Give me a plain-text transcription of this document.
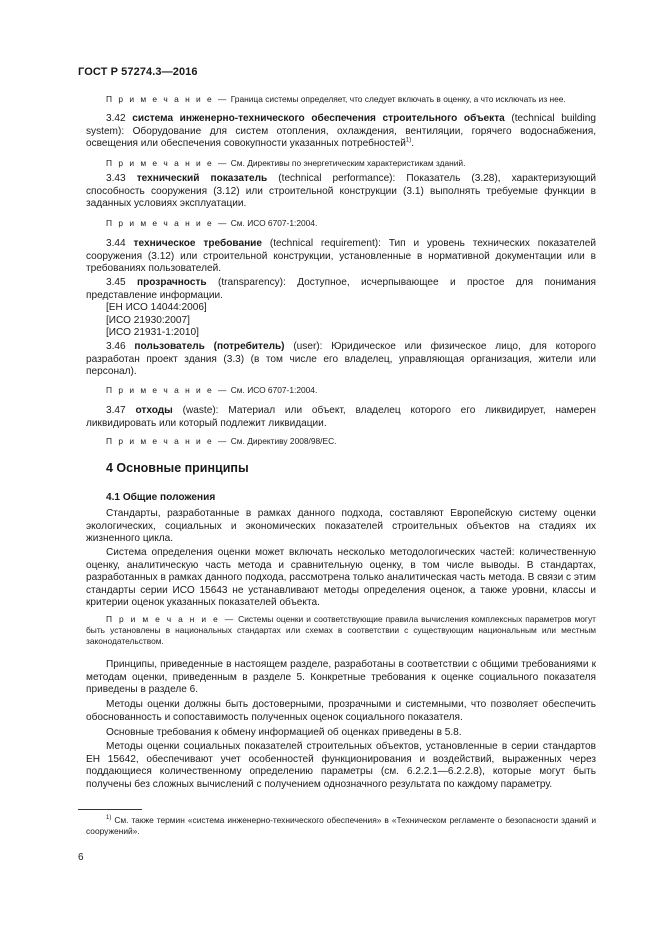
ГОСТ Р 57274.3—2016

П р и м е ч а н и е — Граница системы определяет, что следует включать в оценку, а что исключать из нее.

3.42 система инженерно-технического обеспечения строительного объекта (technical building system): Оборудование для систем отопления, охлаждения, вентиляции, горячего водоснабжения, освещения или обеспечения совокупности указанных потребностей$^{1)}$.

П р и м е ч а н и е — См. Директивы по энергетическим характеристикам зданий.

3.43 технический показатель (technical performance): Показатель (3.28), характеризующий способность сооружения (3.12) или строительной конструкции (3.1) выполнять требуемые функции в заданных условиях эксплуатации.

П р и м е ч а н и е — См. ИСО 6707-1:2004.

3.44 техническое требование (technical requirement): Тип и уровень технических показателей сооружения (3.12) или строительной конструкции, установленные в нормативной документации или в требованиях пользователей.

3.45 прозрачность (transparency): Доступное, исчерпывающее и простое для понимания представление информации.

[ЕН ИСО 14044:2006]

[ИСО 21930:2007]

[ИСО 21931-1:2010]

3.46 пользователь (потребитель) (user): Юридическое или физическое лицо, для которого разработан проект здания (3.3) (в том числе его владелец, управляющая организация, жители или персонал).

П р и м е ч а н и е — См. ИСО 6707-1:2004.

3.47 отходы (waste): Материал или объект, владелец которого его ликвидирует, намерен ликвидировать или который подлежит ликвидации.

П р и м е ч а н и е — См. Директиву 2008/98/ЕС.

4 Основные принципы
4.1 Общие положения

Стандарты, разработанные в рамках данного подхода, составляют Европейскую систему оценки экологических, социальных и экономических показателей строительных объектов на стадиях их жизненного цикла.

Система определения оценки может включать несколько методологических частей: количественную оценку, аналитическую часть метода и сравнительную оценку, в том числе выводы. В стандартах, разработанных в рамках данного подхода, рассмотрена только аналитическая часть метода. В связи с этим стандарты серии ИСО 15643 не устанавливают методы определения оценок, а также уровни, классы и критерии оценок указанных показателей объекта.

П р и м е ч а н и е — Системы оценки и соответствующие правила вычисления комплексных параметров могут быть установлены в национальных стандартах или схемах в соответствии с существующим национальным или местным законодательством.

Принципы, приведенные в настоящем разделе, разработаны в соответствии с общими требованиями к методам оценки, приведенным в разделе 5. Конкретные требования к оценке социального показателя приведены в разделе 6.

Методы оценки должны быть достоверными, прозрачными и системными, что позволяет обеспечить обоснованность и сопоставимость полученных оценок социального показателя.

Основные требования к обмену информацией об оценках приведены в 5.8.

Методы оценки социальных показателей строительных объектов, установленные в серии стандартов ЕН 15642, обеспечивают учет особенностей функционирования и воздействий, выраженных через поддающиеся количественному определению параметры (см. 6.2.2.1—6.2.2.8), которые могут быть получены без сложных вычислений с получением однозначного результата по каждому параметру.

$^{1)}$ См. также термин «система инженерно-технического обеспечения» в «Техническом регламенте о безопасности зданий и сооружений».

6
